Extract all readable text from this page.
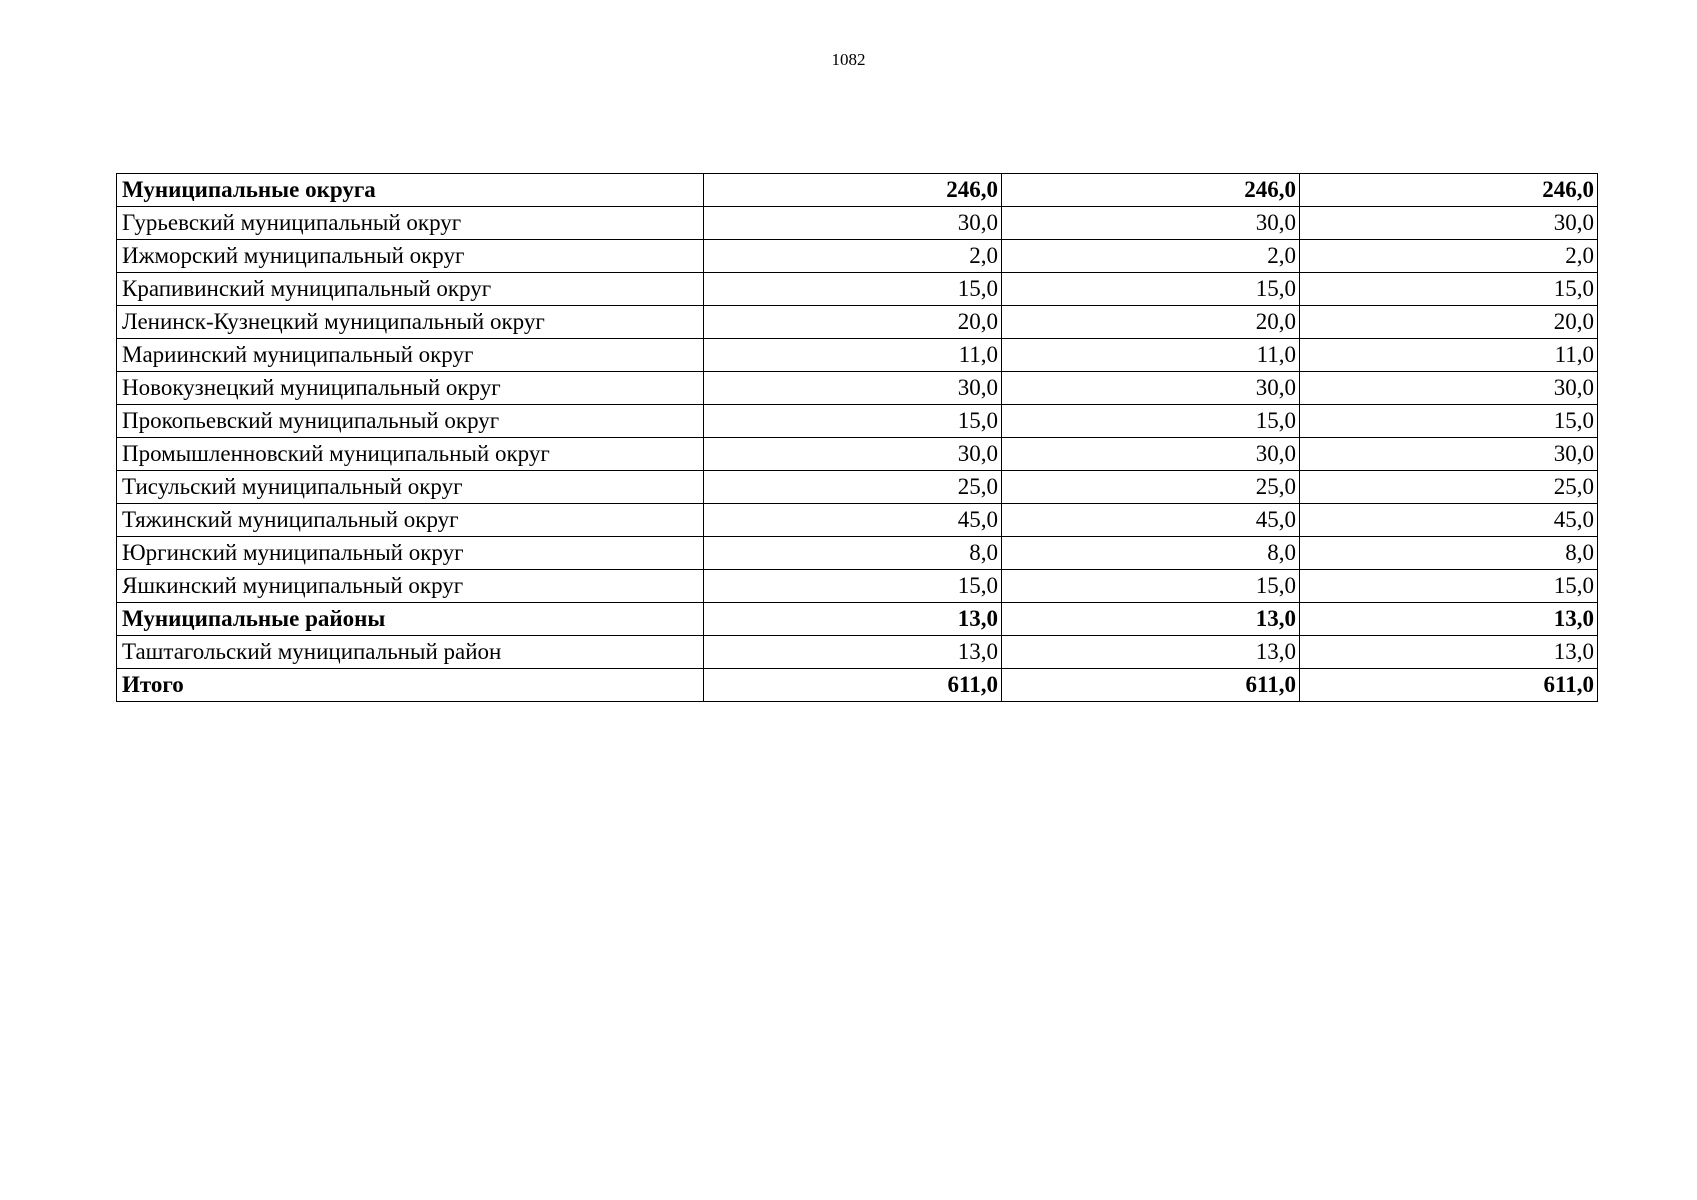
1082
Муниципальные округа	246,0	246,0	246,0
Гурьевский муниципальный округ	30,0	30,0	30,0
Ижморский муниципальный округ	2,0	2,0	2,0
Крапивинский муниципальный округ	15,0	15,0	15,0
Ленинск-Кузнецкий муниципальный округ	20,0	20,0	20,0
Мариинский муниципальный округ	11,0	11,0	11,0
Новокузнецкий муниципальный округ	30,0	30,0	30,0
Прокопьевский муниципальный округ	15,0	15,0	15,0
Промышленновский муниципальный округ	30,0	30,0	30,0
Тисульский муниципальный округ	25,0	25,0	25,0
Тяжинский муниципальный округ	45,0	45,0	45,0
Юргинский муниципальный округ	8,0	8,0	8,0
Яшкинский муниципальный округ	15,0	15,0	15,0
Муниципальные районы	13,0	13,0	13,0
Таштагольский муниципальный район	13,0	13,0	13,0
Итого	611,0	611,0	611,0
